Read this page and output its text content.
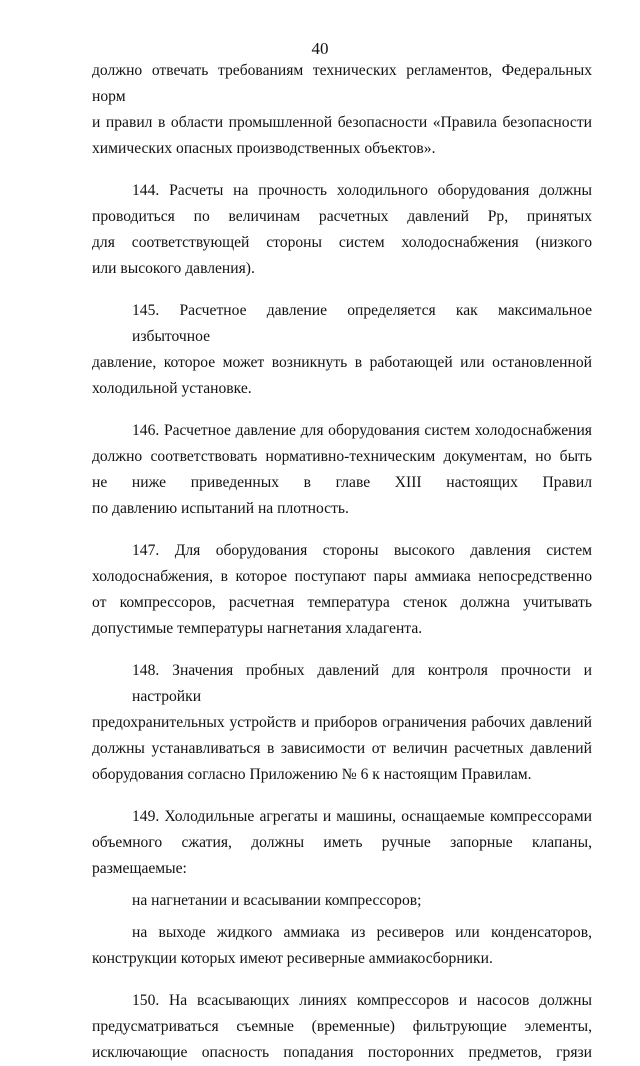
40
должно отвечать требованиям технических регламентов, Федеральных норм
и правил в области промышленной безопасности «Правила безопасности
химических опасных производственных объектов».
144. Расчеты на прочность холодильного оборудования должны
проводиться по величинам расчетных давлений Рр, принятых
для соответствующей стороны систем холодоснабжения (низкого
или высокого давления).
145. Расчетное давление определяется как максимальное избыточное
давление, которое может возникнуть в работающей или остановленной
холодильной установке.
146. Расчетное давление для оборудования систем холодоснабжения
должно соответствовать нормативно-техническим документам, но быть
не ниже приведенных в главе XIII настоящих Правил
по давлению испытаний на плотность.
147. Для оборудования стороны высокого давления систем
холодоснабжения, в которое поступают пары аммиака непосредственно
от компрессоров, расчетная температура стенок должна учитывать
допустимые температуры нагнетания хладагента.
148. Значения пробных давлений для контроля прочности и настройки
предохранительных устройств и приборов ограничения рабочих давлений
должны устанавливаться в зависимости от величин расчетных давлений
оборудования согласно Приложению № 6 к настоящим Правилам.
149. Холодильные агрегаты и машины, оснащаемые компрессорами
объемного сжатия, должны иметь ручные запорные клапаны, размещаемые:
на нагнетании и всасывании компрессоров;
на выходе жидкого аммиака из ресиверов или конденсаторов,
конструкции которых имеют ресиверные аммиакосборники.
150. На всасывающих линиях компрессоров и насосов должны
предусматриваться съемные (временные) фильтрующие элементы,
исключающие опасность попадания посторонних предметов, грязи
